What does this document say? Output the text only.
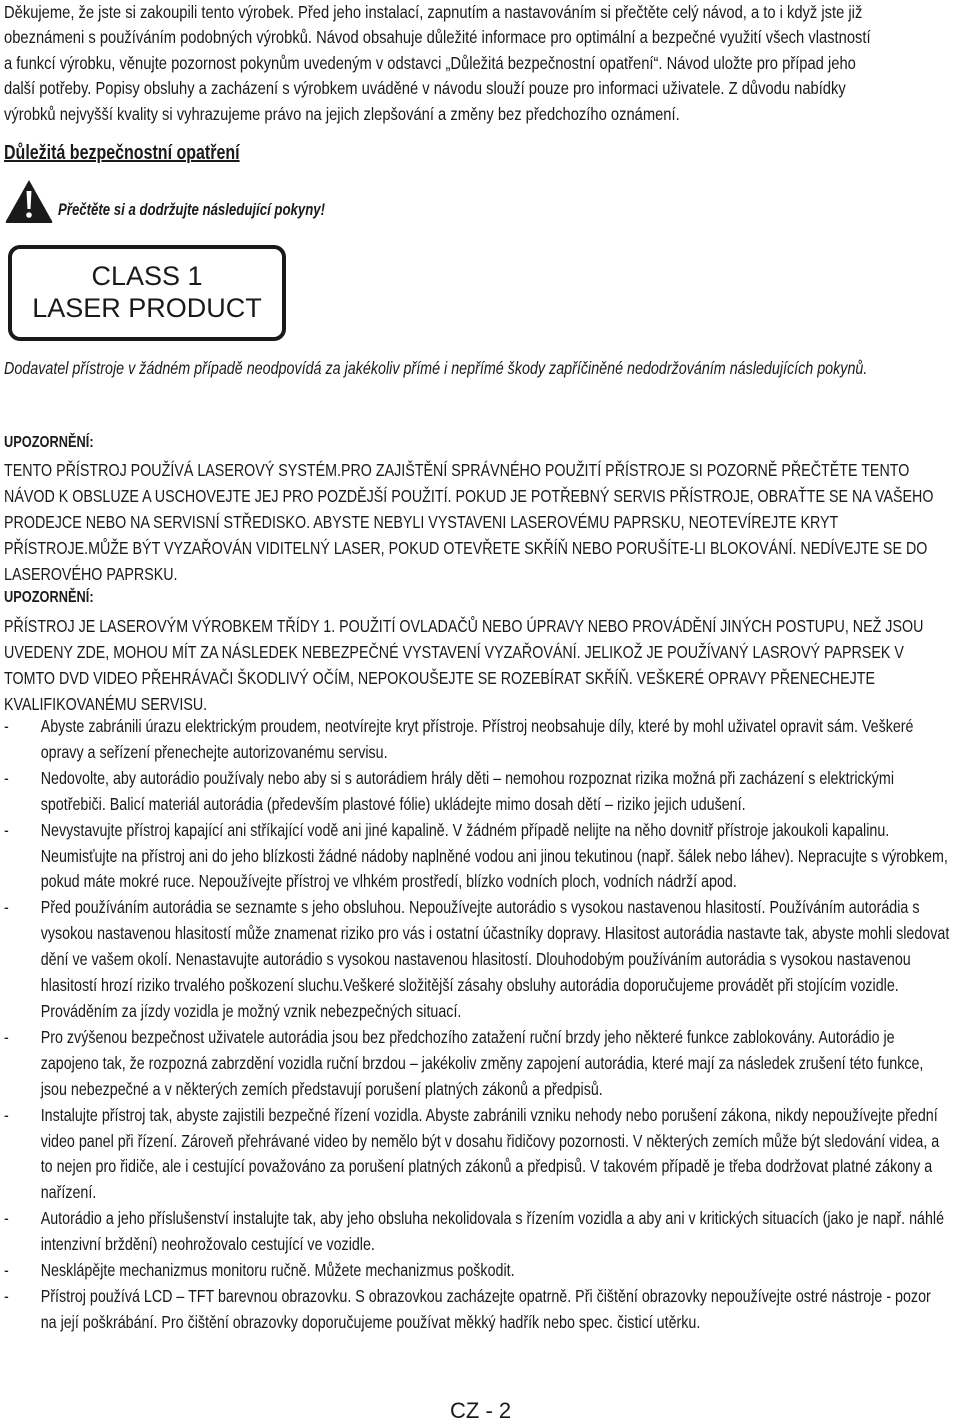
Děkujeme, že jste si zakoupili tento výrobek. Před jeho instalací, zapnutím a nastavováním si přečtěte celý návod, a to i když jste již

obeznámeni s používáním podobných výrobků. Návod obsahuje důležité informace pro optimální a bezpečné využití všech vlastností

a funkcí výrobku, věnujte pozornost pokynům uvedeným v odstavci „Důležitá bezpečnostní opatření“. Návod uložte pro případ jeho

další potřeby. Popisy obsluhy a zacházení s výrobkem uváděné v návodu slouží pouze pro informaci uživatele. Z důvodu nabídky

výrobků nejvyšší kvality si vyhrazujeme právo na jejich zlepšování a změny bez předchozího oznámení.

Důležitá bezpečnostní opatření
Přečtěte si a dodržujte následující pokyny!
CLASS 1
LASER PRODUCT
Dodavatel přístroje v žádném případě neodpovídá za jakékoliv přímé i nepřímé škody zapříčiněné nedodržováním následujících pokynů.
UPOZORNĚNÍ:
TENTO PŘÍSTROJ POUŽÍVÁ LASEROVÝ SYSTÉM.PRO ZAJIŠTĚNÍ SPRÁVNÉHO POUŽITÍ PŘÍSTROJE SI POZORNĚ PŘEČTĚTE TENTO NÁVOD K OBSLUZE A USCHOVEJTE JEJ PRO POZDĚJŠÍ POUŽITÍ. POKUD JE POTŘEBNÝ SERVIS PŘÍSTROJE, OBRAŤTE SE NA VAŠEHO PRODEJCE NEBO NA SERVISNÍ STŘEDISKO. ABYSTE NEBYLI VYSTAVENI LASEROVÉMU PAPRSKU, NEOTEVÍREJTE KRYT PŘÍSTROJE.MŮŽE BÝT VYZAŘOVÁN VIDITELNÝ LASER, POKUD OTEVŘETE SKŘÍŇ NEBO PORUŠÍTE-LI BLOKOVÁNÍ. NEDÍVEJTE SE DO LASEROVÉHO PAPRSKU.
UPOZORNĚNÍ:
PŘÍSTROJ JE LASEROVÝM VÝROBKEM TŘÍDY 1. POUŽITÍ OVLADAČŮ NEBO ÚPRAVY NEBO PROVÁDĚNÍ JINÝCH POSTUPU, NEŽ JSOU UVEDENY ZDE, MOHOU MÍT ZA NÁSLEDEK NEBEZPEČNÉ VYSTAVENÍ VYZAŘOVÁNÍ. JELIKOŽ JE POUŽÍVANÝ LASROVÝ PAPRSEK V TOMTO DVD VIDEO PŘEHRÁVAČI ŠKODLIVÝ OČÍM, NEPOKOUŠEJTE SE ROZEBÍRAT SKŘÍŇ. VEŠKERÉ OPRAVY PŘENECHEJTE KVALIFIKOVANÉMU SERVISU.
- Abyste zabránili úrazu elektrickým proudem, neotvírejte kryt přístroje. Přístroj neobsahuje díly, které by mohl uživatel opravit sám. Veškeré opravy a seřízení přenechejte autorizovanému servisu.
- Nedovolte, aby autorádio používaly nebo aby si s autorádiem hrály děti – nemohou rozpoznat rizika možná při zacházení s elektrickými spotřebiči. Balicí materiál autorádia (především plastové fólie) ukládejte mimo dosah dětí – riziko jejich udušení.
- Nevystavujte přístroj kapající ani stříkající vodě ani jiné kapalině. V žádném případě nelijte na něho dovnitř přístroje jakoukoli kapalinu. Neumisťujte na přístroj ani do jeho blízkosti žádné nádoby naplněné vodou ani jinou tekutinou (např. šálek nebo láhev). Nepracujte s výrobkem, pokud máte mokré ruce. Nepoužívejte přístroj ve vlhkém prostředí, blízko vodních ploch, vodních nádrží apod.
- Před používáním autorádia se seznamte s jeho obsluhou. Nepoužívejte autorádio s vysokou nastavenou hlasitostí. Používáním autorádia s vysokou nastavenou hlasitostí může znamenat riziko pro vás i ostatní účastníky dopravy. Hlasitost autorádia nastavte tak, abyste mohli sledovat dění ve vašem okolí. Nenastavujte autorádio s vysokou nastavenou hlasitostí. Dlouhodobým používáním autorádia s vysokou nastavenou hlasitostí hrozí riziko trvalého poškození sluchu.Veškeré složitější zásahy obsluhy autorádia doporučujeme provádět při stojícím vozidle. Prováděním za jízdy vozidla je možný vznik nebezpečných situací.
- Pro zvýšenou bezpečnost uživatele autorádia jsou bez předchozího zatažení ruční brzdy jeho některé funkce zablokovány. Autorádio je zapojeno tak, že rozpozná zabrzdění vozidla ruční brzdou – jakékoliv změny zapojení autorádia, které mají za následek zrušení této funkce, jsou nebezpečné a v některých zemích představují porušení platných zákonů a předpisů.
- Instalujte přístroj tak, abyste zajistili bezpečné řízení vozidla. Abyste zabránili vzniku nehody nebo porušení zákona, nikdy nepoužívejte přední video panel při řízení. Zároveň přehrávané video by nemělo být v dosahu řidičovy pozornosti. V některých zemích může být sledování videa, a to nejen pro řidiče, ale i cestující považováno za porušení platných zákonů a předpisů. V takovém případě je třeba dodržovat platné zákony a nařízení.
- Autorádio a jeho příslušenství instalujte tak, aby jeho obsluha nekolidovala s řízením vozidla a aby ani v kritických situacích (jako je např. náhlé intenzivní brždění) neohrožovalo cestující ve vozidle.
- Nesklápějte mechanizmus monitoru ručně. Můžete mechanizmus poškodit.
- Přístroj používá LCD – TFT barevnou obrazovku. S obrazovkou zacházejte opatrně. Při čištění obrazovky nepoužívejte ostré nástroje - pozor na její poškrábání. Pro čištění obrazovky doporučujeme používat měkký hadřík nebo spec. čisticí utěrku.
CZ - 2
